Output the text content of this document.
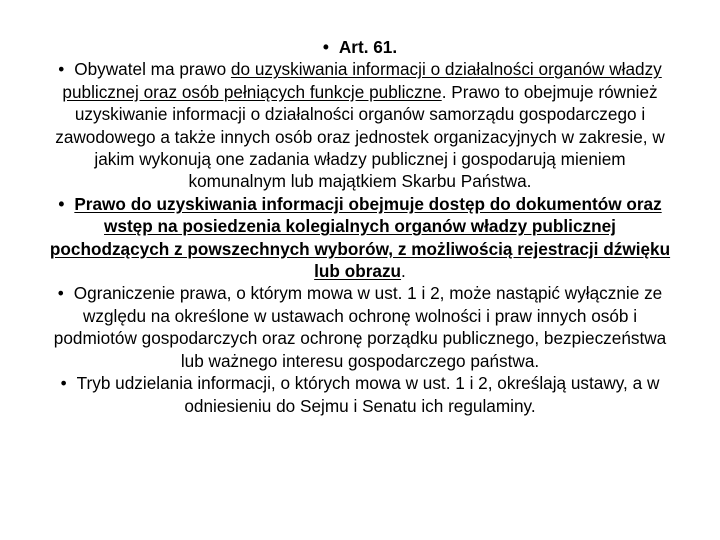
• Art. 61.

• Obywatel ma prawo do uzyskiwania informacji o działalności organów władzy publicznej oraz osób pełniących funkcje publiczne. Prawo to obejmuje również uzyskiwanie informacji o działalności organów samorządu gospodarczego i zawodowego a także innych osób oraz jednostek organizacyjnych w zakresie, w jakim wykonują one zadania władzy publicznej i gospodarują mieniem komunalnym lub majątkiem Skarbu Państwa.

• Prawo do uzyskiwania informacji obejmuje dostęp do dokumentów oraz wstęp na posiedzenia kolegialnych organów władzy publicznej pochodzących z powszechnych wyborów, z możliwością rejestracji dźwięku lub obrazu.

• Ograniczenie prawa, o którym mowa w ust. 1 i 2, może nastąpić wyłącznie ze względu na określone w ustawach ochronę wolności i praw innych osób i podmiotów gospodarczych oraz ochronę porządku publicznego, bezpieczeństwa lub ważnego interesu gospodarczego państwa.

• Tryb udzielania informacji, o których mowa w ust. 1 i 2, określają ustawy, a w odniesieniu do Sejmu i Senatu ich regulaminy.
